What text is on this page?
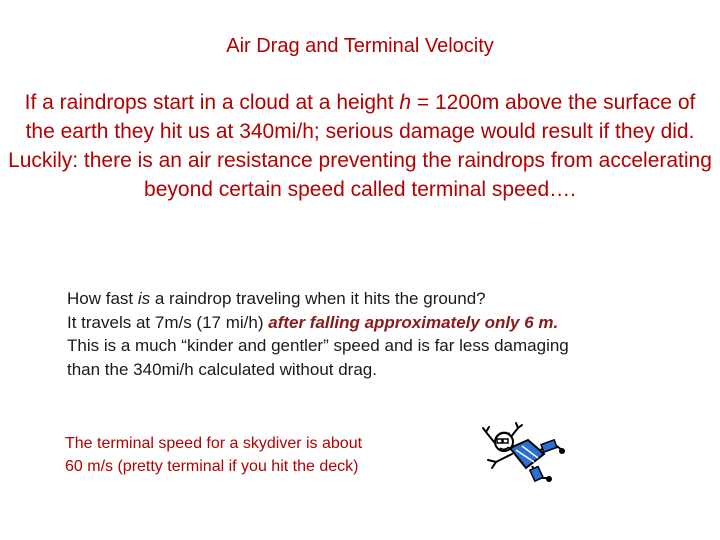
Air Drag and Terminal Velocity
If a raindrops start in a cloud at a height h = 1200m above the surface of the earth they hit us at 340mi/h; serious damage would result if they did. Luckily: there is an air resistance preventing the raindrops from accelerating beyond certain speed called terminal speed….
How fast is a raindrop traveling when it hits the ground?
It travels at 7m/s (17 mi/h) after falling approximately only 6 m.
This is a much “kinder and gentler” speed and is far less damaging
than the 340mi/h calculated without drag.
The terminal speed for a skydiver is about
60 m/s (pretty terminal if you hit the deck)
